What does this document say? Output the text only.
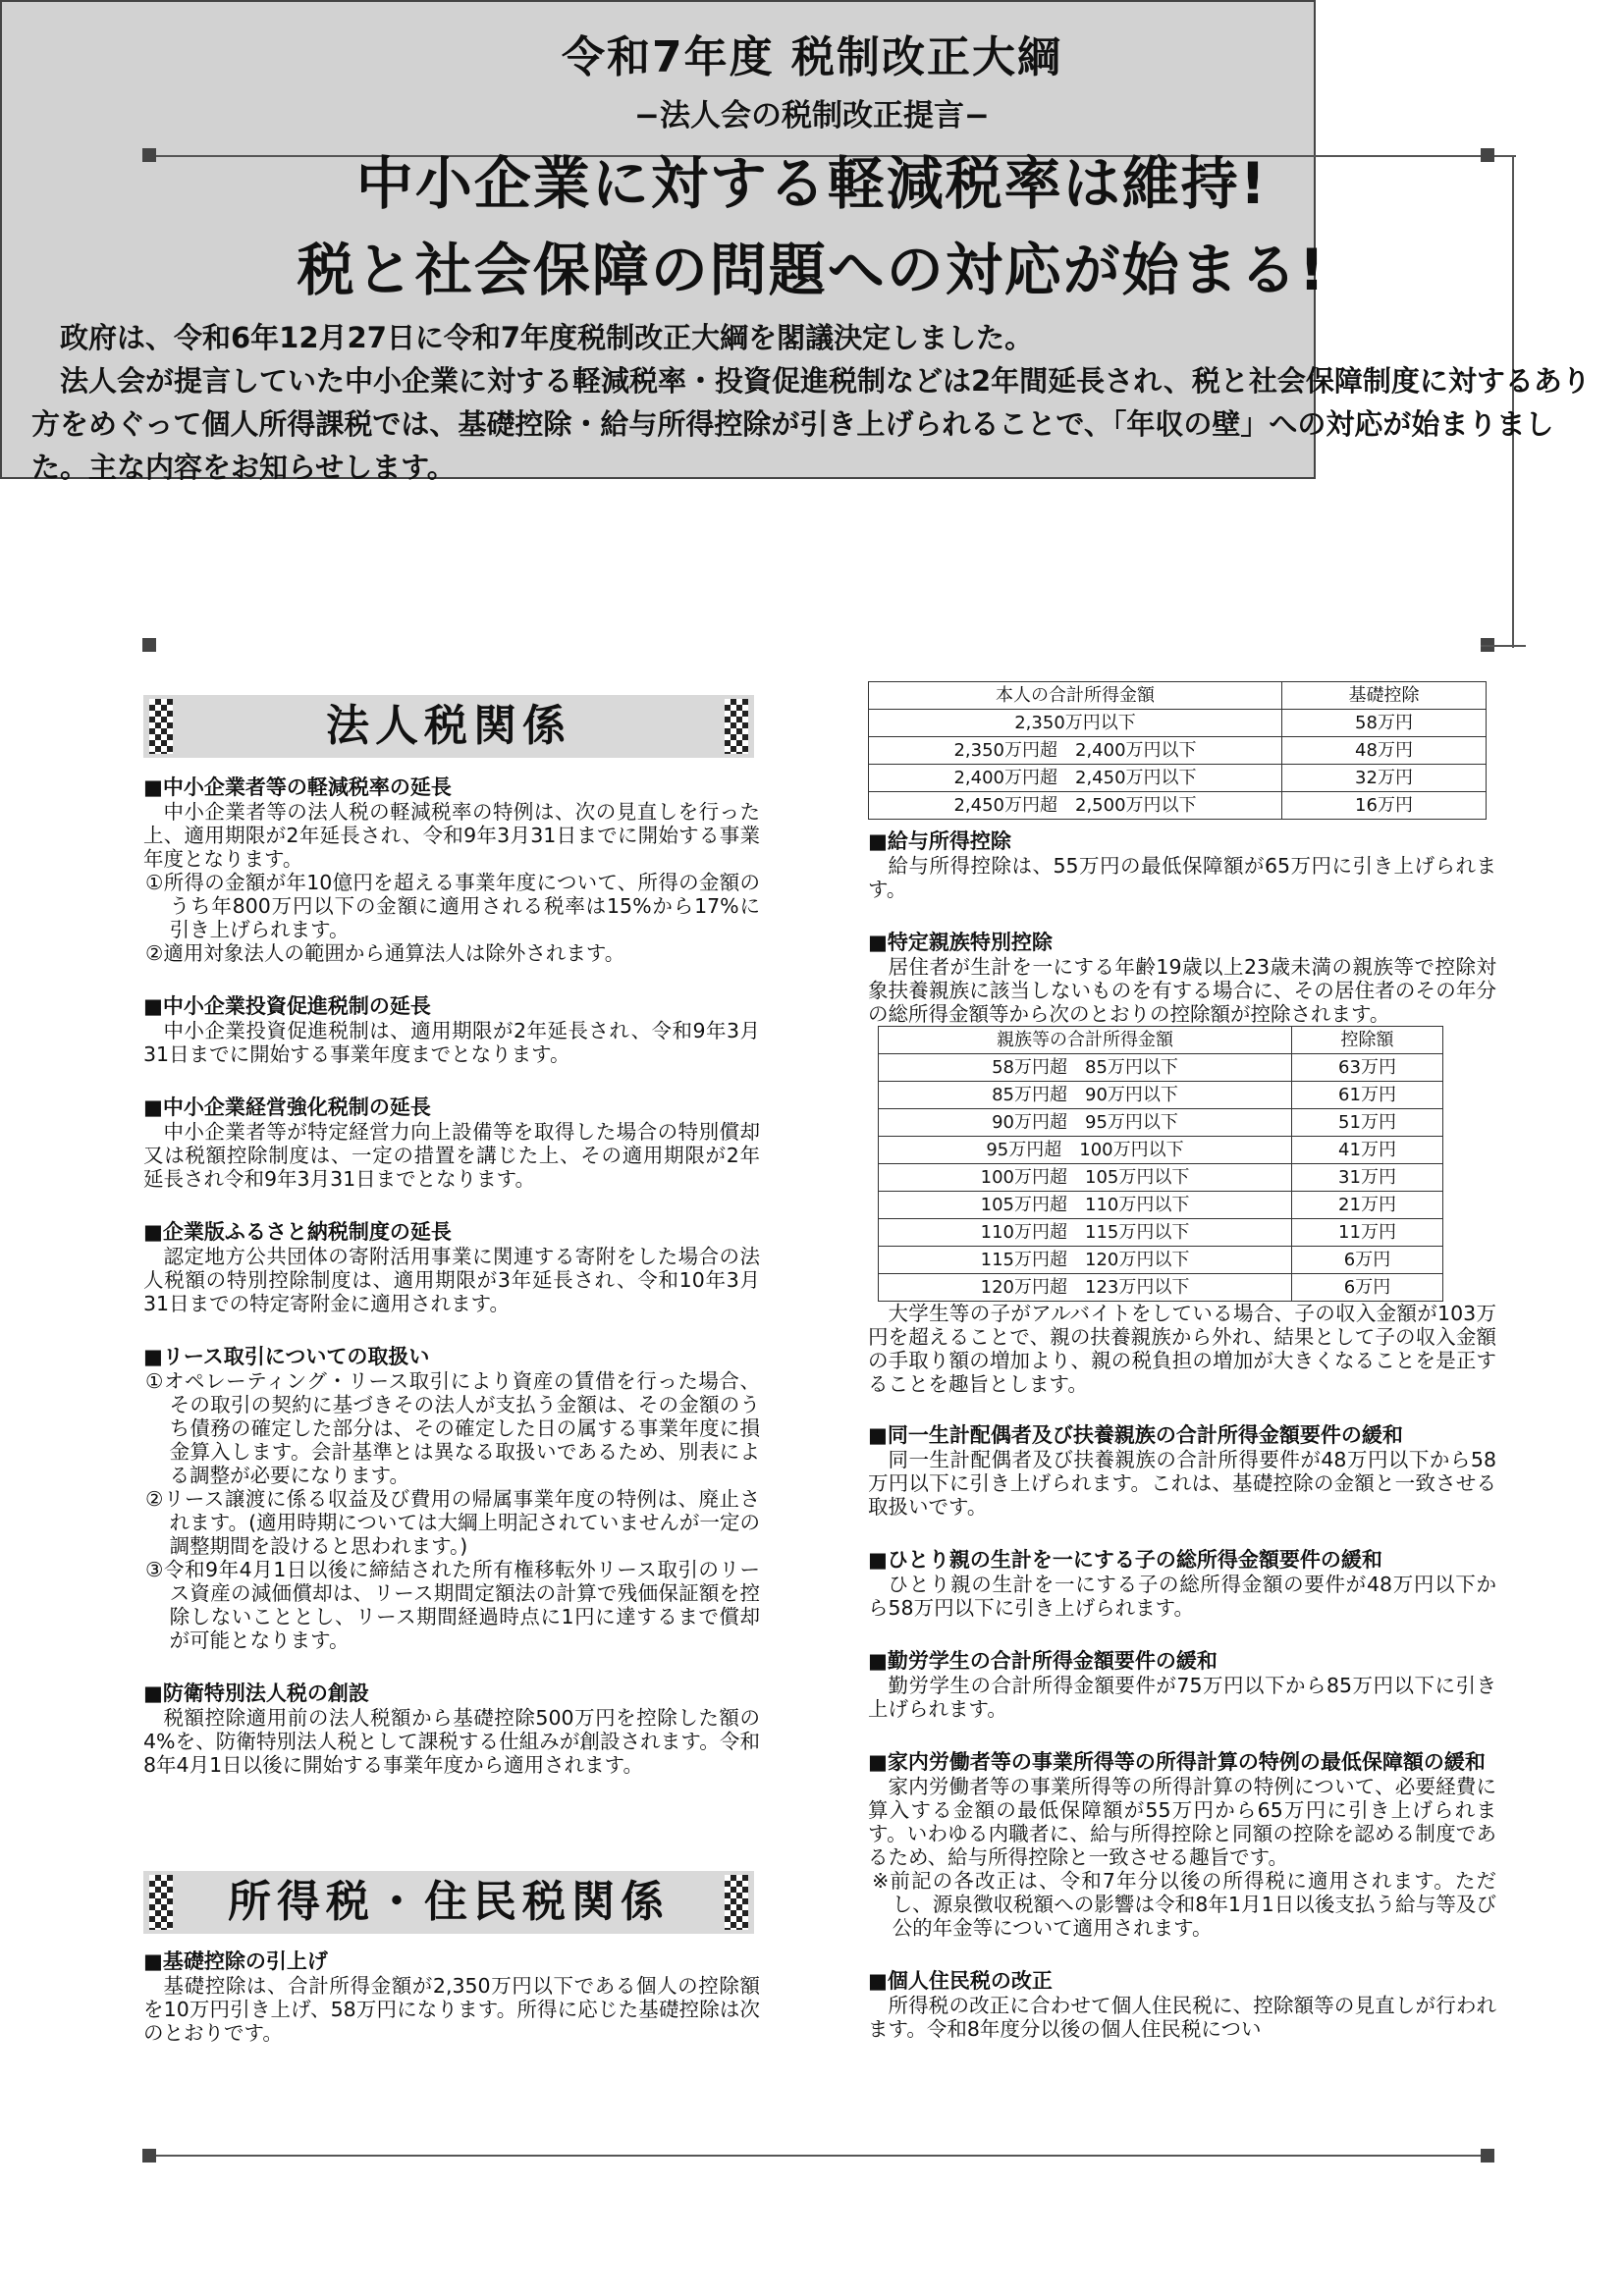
令和7年度 税制改正大綱
−法人会の税制改正提言−
中小企業に対する軽減税率は維持!
税と社会保障の問題への対応が始まる!

政府は、令和6年12月27日に令和7年度税制改正大綱を閣議決定しました。

法人会が提言していた中小企業に対する軽減税率・投資促進税制などは2年間延長され、税と社会保障制度に対するあり方をめぐって個人所得課税では、基礎控除・給与所得控除が引き上げられることで、「年収の壁」への対応が始まりました。主な内容をお知らせします。

法人税関係
■中小企業者等の軽減税率の延長

中小企業者等の法人税の軽減税率の特例は、次の見直しを行った上、適用期限が2年延長され、令和9年3月31日までに開始する事業年度となります。

①所得の金額が年10億円を超える事業年度について、所得の金額のうち年800万円以下の金額に適用される税率は15%から17%に引き上げられます。
②適用対象法人の範囲から通算法人は除外されます。
■中小企業投資促進税制の延長

中小企業投資促進税制は、適用期限が2年延長され、令和9年3月31日までに開始する事業年度までとなります。

■中小企業経営強化税制の延長

中小企業者等が特定経営力向上設備等を取得した場合の特別償却又は税額控除制度は、一定の措置を講じた上、その適用期限が2年延長され令和9年3月31日までとなります。

■企業版ふるさと納税制度の延長

認定地方公共団体の寄附活用事業に関連する寄附をした場合の法人税額の特別控除制度は、適用期限が3年延長され、令和10年3月31日までの特定寄附金に適用されます。

■リース取引についての取扱い
①オペレーティング・リース取引により資産の賃借を行った場合、その取引の契約に基づきその法人が支払う金額は、その金額のうち債務の確定した部分は、その確定した日の属する事業年度に損金算入します。会計基準とは異なる取扱いであるため、別表による調整が必要になります。
②リース譲渡に係る収益及び費用の帰属事業年度の特例は、廃止されます。(適用時期については大綱上明記されていませんが一定の調整期間を設けると思われます。)
③令和9年4月1日以後に締結された所有権移転外リース取引のリース資産の減価償却は、リース期間定額法の計算で残価保証額を控除しないこととし、リース期間経過時点に1円に達するまで償却が可能となります。
■防衛特別法人税の創設

税額控除適用前の法人税額から基礎控除500万円を控除した額の4%を、防衛特別法人税として課税する仕組みが創設されます。令和8年4月1日以後に開始する事業年度から適用されます。

所得税・住民税関係
■基礎控除の引上げ

基礎控除は、合計所得金額が2,350万円以下である個人の控除額を10万円引き上げ、58万円になります。所得に応じた基礎控除は次のとおりです。

本人の合計所得金額	基礎控除
2,350万円以下	58万円
2,350万円超　2,400万円以下	48万円
2,400万円超　2,450万円以下	32万円
2,450万円超　2,500万円以下	16万円
■給与所得控除

給与所得控除は、55万円の最低保障額が65万円に引き上げられます。

■特定親族特別控除

居住者が生計を一にする年齢19歳以上23歳未満の親族等で控除対象扶養親族に該当しないものを有する場合に、その居住者のその年分の総所得金額等から次のとおりの控除額が控除されます。

親族等の合計所得金額	控除額
58万円超　85万円以下	63万円
85万円超　90万円以下	61万円
90万円超　95万円以下	51万円
95万円超　100万円以下	41万円
100万円超　105万円以下	31万円
105万円超　110万円以下	21万円
110万円超　115万円以下	11万円
115万円超　120万円以下	6万円
120万円超　123万円以下	6万円

大学生等の子がアルバイトをしている場合、子の収入金額が103万円を超えることで、親の扶養親族から外れ、結果として子の収入金額の手取り額の増加より、親の税負担の増加が大きくなることを是正することを趣旨とします。

■同一生計配偶者及び扶養親族の合計所得金額要件の緩和

同一生計配偶者及び扶養親族の合計所得要件が48万円以下から58万円以下に引き上げられます。これは、基礎控除の金額と一致させる取扱いです。

■ひとり親の生計を一にする子の総所得金額要件の緩和

ひとり親の生計を一にする子の総所得金額の要件が48万円以下から58万円以下に引き上げられます。

■勤労学生の合計所得金額要件の緩和

勤労学生の合計所得金額要件が75万円以下から85万円以下に引き上げられます。

■家内労働者等の事業所得等の所得計算の特例の最低保障額の緩和

家内労働者等の事業所得等の所得計算の特例について、必要経費に算入する金額の最低保障額が55万円から65万円に引き上げられます。いわゆる内職者に、給与所得控除と同額の控除を認める制度であるため、給与所得控除と一致させる趣旨です。

※前記の各改正は、令和7年分以後の所得税に適用されます。ただし、源泉徴収税額への影響は令和8年1月1日以後支払う給与等及び公的年金等について適用されます。
■個人住民税の改正

所得税の改正に合わせて個人住民税に、控除額等の見直しが行われます。令和8年度分以後の個人住民税につい
